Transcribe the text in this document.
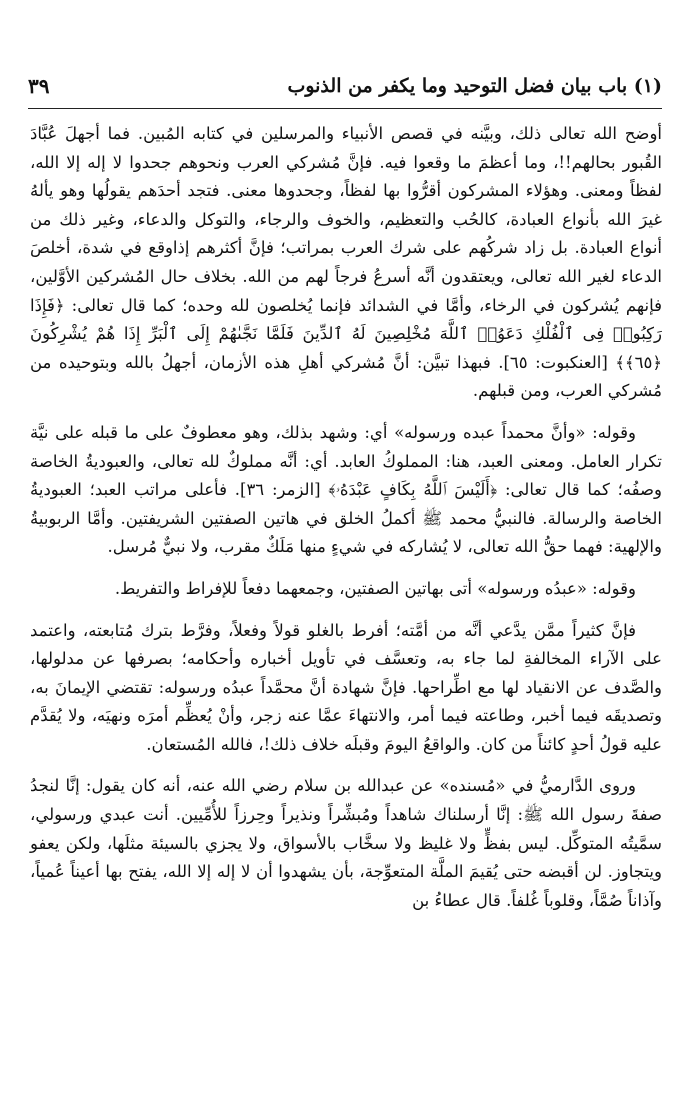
(١) باب بيان فضل التوحيد وما يكفر من الذنوب
٣٩

أوضح الله تعالى ذلك، وبيَّنه في قصص الأنبياء والمرسلين في كتابه المُبين. فما أجهلَ عُبَّادَ القُبور بحالهم!!، وما أعظمَ ما وقعوا فيه. فإنَّ مُشركي العرب ونحوهم جحدوا لا إله إلا الله، لفظاً ومعنى. وهؤلاء المشركون أقرُّوا بها لفظاً، وجحدوها معنى. فتجد أحدَهم يقولُها وهو يألهُ غيرَ الله بأنواع العبادة، كالحُب والتعظيم، والخوف والرجاء، والتوكل والدعاء، وغير ذلك من أنواع العبادة. بل زاد شركُهم على شرك العرب بمراتب؛ فإنَّ أكثرهم إذاوقع في شدة، أخلصَ الدعاء لغير الله تعالى، ويعتقدون أنَّه أسرعُ فرجاً لهم من الله. بخلاف حال المُشركين الأوَّلين، فإنهم يُشركون في الرخاء، وأمَّا في الشدائد فإنما يُخلصون لله وحده؛ كما قال تعالى: ﴿فَإِذَا رَكِبُوا۟ فِى ٱلْفُلْكِ دَعَوُا۟ ٱللَّهَ مُخْلِصِينَ لَهُ ٱلدِّينَ فَلَمَّا نَجَّىٰهُمْ إِلَى ٱلْبَرِّ إِذَا هُمْ يُشْرِكُونَ ﴿٦٥﴾﴾ [العنكبوت: ٦٥]. فبهذا تبيَّن: أنَّ مُشركي أهلِ هذه الأزمان، أجهلُ بالله وبتوحيده من مُشركي العرب، ومن قبلهم.

وقوله: «وأنَّ محمداً عبده ورسوله» أي: وشهد بذلك، وهو معطوفٌ على ما قبله على نيَّة تكرار العامل. ومعنى العبد، هنا: المملوكُ العابد. أي: أنَّه مملوكٌ لله تعالى، والعبوديةُ الخاصة وصفُه؛ كما قال تعالى: ﴿أَلَيْسَ ٱللَّهُ بِكَافٍ عَبْدَهُۥ﴾ [الزمر: ٣٦]. فأعلى مراتب العبد؛ العبوديةُ الخاصة والرسالة. فالنبيُّ محمد ﷺ أكملُ الخلق في هاتين الصفتين الشريفتين. وأمَّا الربوبيةُ والإلهية: فهما حقُّ الله تعالى، لا يُشاركه في شيءٍ منها مَلَكٌ مقرب، ولا نبيٌّ مُرسل.

وقوله: «عبدُه ورسوله» أتى بهاتين الصفتين، وجمعهما دفعاً للإفراط والتفريط.

فإنَّ كثيراً ممَّن يدَّعي أنَّه من أمَّته؛ أفرط بالغلو قولاً وفعلاً، وفرَّط بترك مُتابعته، واعتمد على الآراء المخالفةِ لما جاء به، وتعسَّف في تأويل أخباره وأحكامه؛ بصرفها عن مدلولها، والصَّدف عن الانقياد لها مع اطِّراحها. فإنَّ شهادة أنَّ محمَّداً عبدُه ورسوله: تقتضي الإيمانَ به، وتصديقَه فيما أخبر، وطاعته فيما أمر، والانتهاءَ عمَّا عنه زجر، وأنْ يُعظِّم أمرَه ونهيَه، ولا يُقدَّم عليه قولُ أحدٍ كائناً من كان. والواقعُ اليومَ وقبلَه خلاف ذلك!، فالله المُستعان.

وروى الدَّارميُّ في «مُسنده» عن عبدالله بن سلام رضي الله عنه، أنه كان يقول: إنَّا لنجدُ صفةَ رسول الله ﷺ: إنَّا أرسلناك شاهداً ومُبشِّراً ونذيراً وحِرزاً للأُمِّيين. أنت عبدي ورسولي، سمَّيتُه المتوكِّل. ليس بفظٍّ ولا غليظ ولا سخَّاب بالأسواق، ولا يجزي بالسيئة مثلَها، ولكن يعفو ويتجاوز. لن أقبضه حتى يُقيمَ الملَّة المتعوِّجة، بأن يشهدوا أن لا إله إلا الله، يفتح بها أعيناً عُمياً، وآذاناً صُمَّاً، وقلوباً غُلفاً. قال عطاءُ بن
